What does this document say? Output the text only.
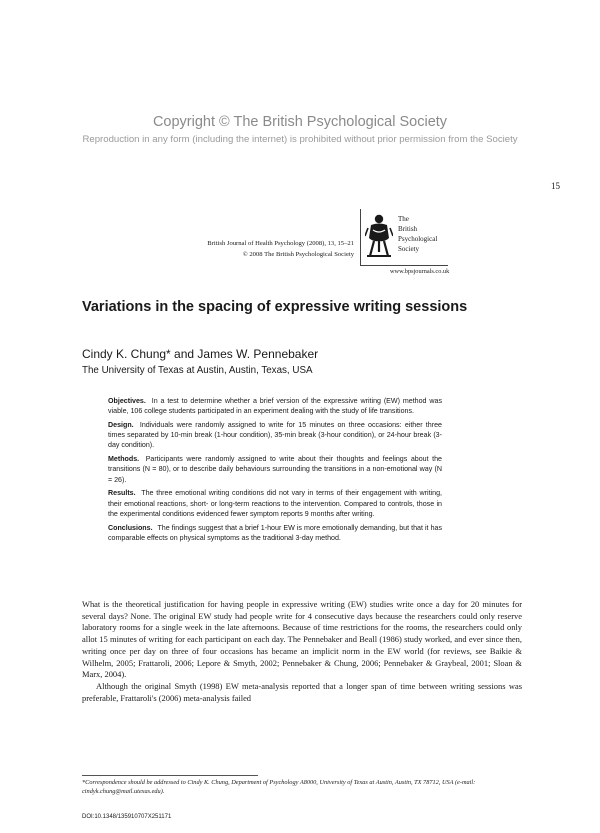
Copyright © The British Psychological Society
Reproduction in any form (including the internet) is prohibited without prior permission from the Society
15
British Journal of Health Psychology (2008), 13, 15–21
© 2008 The British Psychological Society
The
British
Psychological
Society
www.bpsjournals.co.uk
Variations in the spacing of expressive writing sessions
Cindy K. Chung* and James W. Pennebaker
The University of Texas at Austin, Austin, Texas, USA

Objectives. In a test to determine whether a brief version of the expressive writing (EW) method was viable, 106 college students participated in an experiment dealing with the study of life transitions.

Design. Individuals were randomly assigned to write for 15 minutes on three occasions: either three times separated by 10-min break (1-hour condition), 35-min break (3-hour condition), or 24-hour break (3-day condition).

Methods. Participants were randomly assigned to write about their thoughts and feelings about the transitions (N = 80), or to describe daily behaviours surrounding the transitions in a non-emotional way (N = 26).

Results. The three emotional writing conditions did not vary in terms of their engagement with writing, their emotional reactions, short- or long-term reactions to the intervention. Compared to controls, those in the experimental conditions evidenced fewer symptom reports 9 months after writing.

Conclusions. The findings suggest that a brief 1-hour EW is more emotionally demanding, but that it has comparable effects on physical symptoms as the traditional 3-day method.

What is the theoretical justification for having people in expressive writing (EW) studies write once a day for 20 minutes for several days? None. The original EW study had people write for 4 consecutive days because the researchers could only reserve laboratory rooms for a single week in the late afternoons. Because of time restrictions for the rooms, the researchers could only allot 15 minutes of writing for each participant on each day. The Pennebaker and Beall (1986) study worked, and ever since then, writing once per day on three of four occasions has became an implicit norm in the EW world (for reviews, see Baikie & Wilhelm, 2005; Frattaroli, 2006; Lepore & Smyth, 2002; Pennebaker & Chung, 2006; Pennebaker & Graybeal, 2001; Sloan & Marx, 2004).

Although the original Smyth (1998) EW meta-analysis reported that a longer span of time between writing sessions was preferable, Frattaroli's (2006) meta-analysis failed

*Correspondence should be addressed to Cindy K. Chung, Department of Psychology A8000, University of Texas at Austin, Austin, TX 78712, USA (e-mail: cindyk.chung@mail.utexas.edu).
DOI:10.1348/135910707X251171
